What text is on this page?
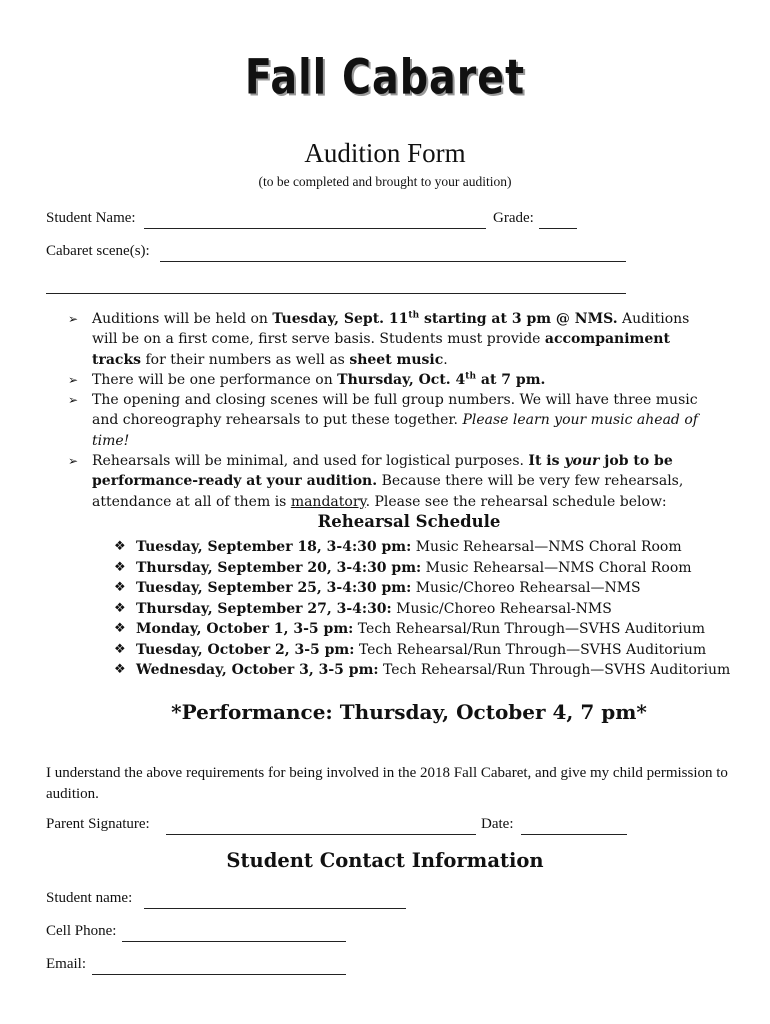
Fall Cabaret
Audition Form
(to be completed and brought to your audition)
Student Name:	Grade:
Cabaret scene(s):
➢ Auditions will be held on Tuesday, Sept. 11th starting at 3 pm @ NMS. Auditions will be on a first come, first serve basis. Students must provide accompaniment tracks for their numbers as well as sheet music.
➢ There will be one performance on Thursday, Oct. 4th at 7 pm.
➢ The opening and closing scenes will be full group numbers. We will have three music and choreography rehearsals to put these together. Please learn your music ahead of time!
➢ Rehearsals will be minimal, and used for logistical purposes. It is your job to be performance-ready at your audition. Because there will be very few rehearsals, attendance at all of them is mandatory. Please see the rehearsal schedule below:
Rehearsal Schedule
❖ Tuesday, September 18, 3-4:30 pm: Music Rehearsal—NMS Choral Room
❖ Thursday, September 20, 3-4:30 pm: Music Rehearsal—NMS Choral Room
❖ Tuesday, September 25, 3-4:30 pm: Music/Choreo Rehearsal—NMS
❖ Thursday, September 27, 3-4:30: Music/Choreo Rehearsal-NMS
❖ Monday, October 1, 3-5 pm: Tech Rehearsal/Run Through—SVHS Auditorium
❖ Tuesday, October 2, 3-5 pm: Tech Rehearsal/Run Through—SVHS Auditorium
❖ Wednesday, October 3, 3-5 pm: Tech Rehearsal/Run Through—SVHS Auditorium
*Performance: Thursday, October 4, 7 pm*
I understand the above requirements for being involved in the 2018 Fall Cabaret, and give my child permission to audition.
Parent Signature:	Date:
Student Contact Information
Student name:
Cell Phone:
Email:
